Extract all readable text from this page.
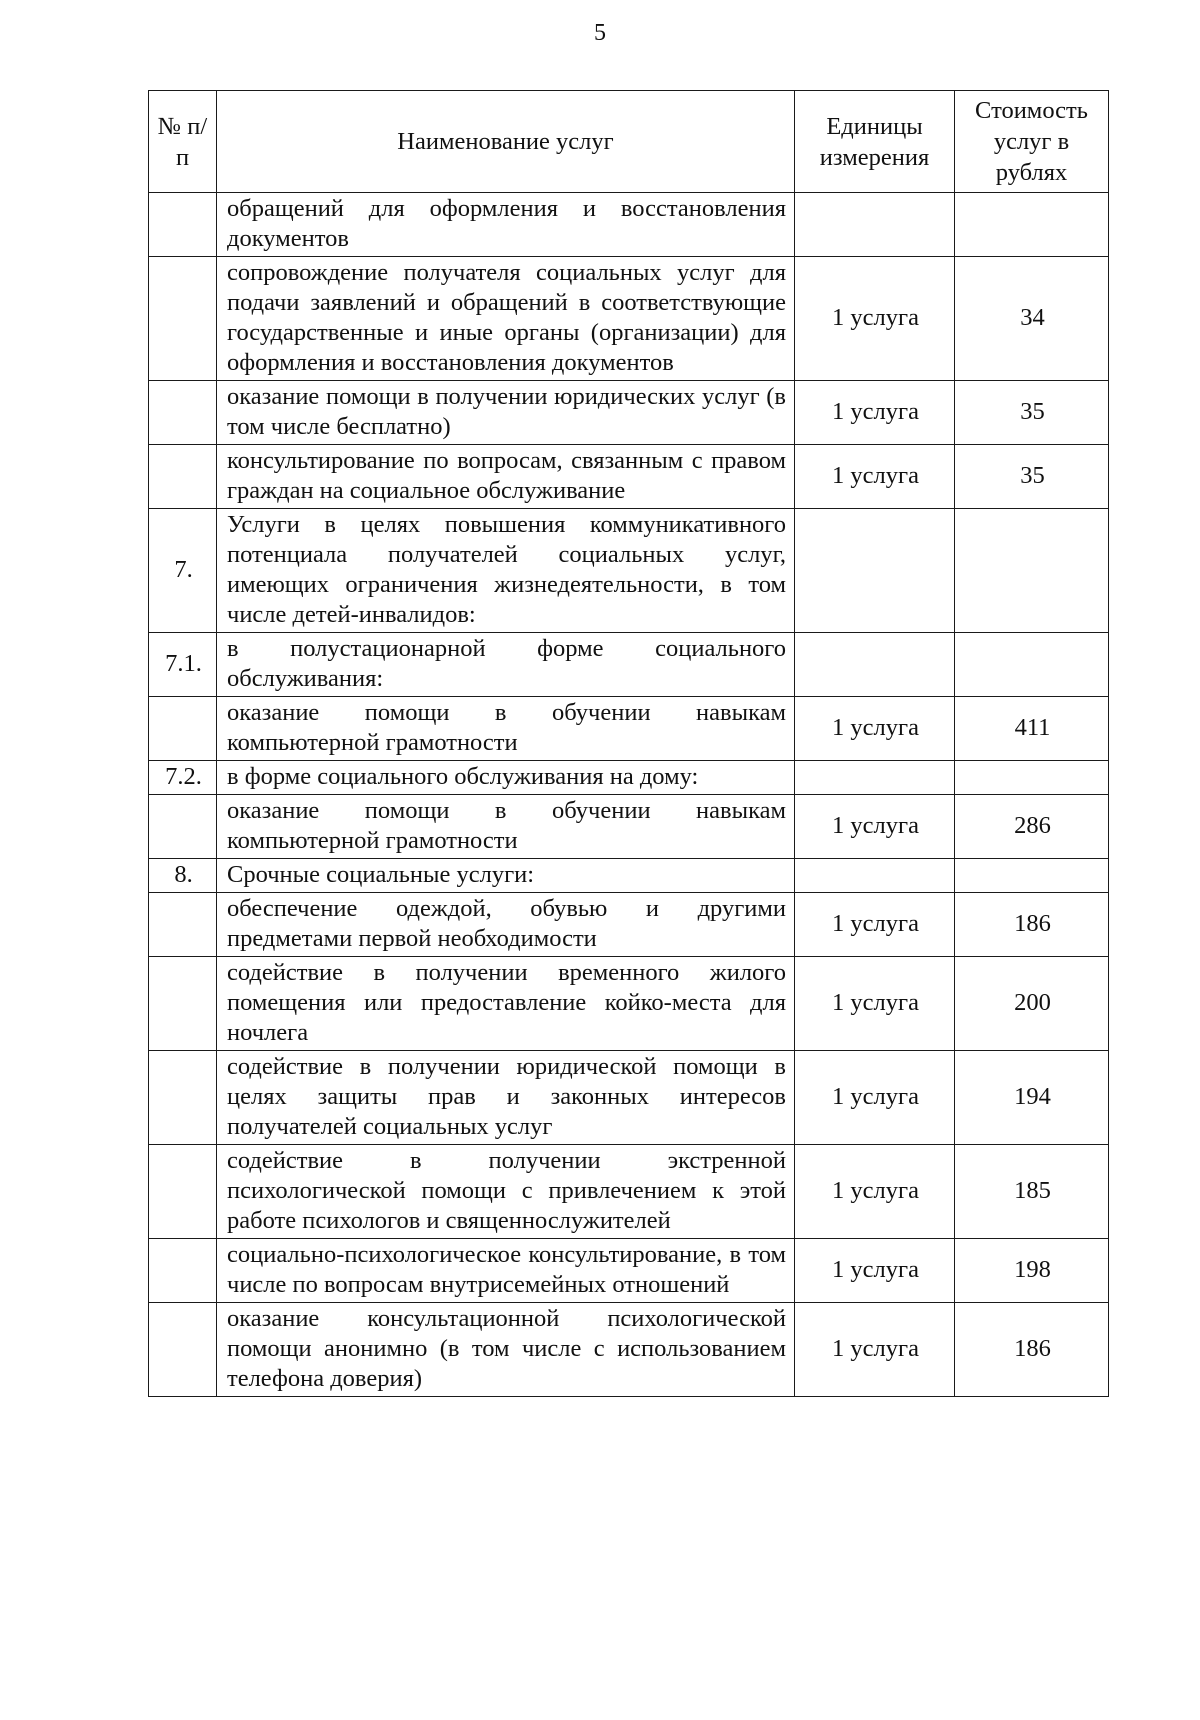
5
№ п/п	Наименование услуг	Единицы измерения	Стоимость услуг в рублях
	обращений для оформления и восстановления документов		
	сопровождение получателя социальных услуг для подачи заявлений и обращений в соответствующие государственные и иные органы (организации) для оформления и восстановления документов	1 услуга	34
	оказание помощи в получении юридических услуг (в том числе бесплатно)	1 услуга	35
	консультирование по вопросам, связанным с правом граждан на социальное обслуживание	1 услуга	35
7.	Услуги в целях повышения коммуникативного потенциала получателей социальных услуг, имеющих ограничения жизнедеятельности, в том числе детей-инвалидов:		
7.1.	в полустационарной форме социального обслуживания:		
	оказание помощи в обучении навыкам компьютерной грамотности	1 услуга	411
7.2.	в форме социального обслуживания на дому:		
	оказание помощи в обучении навыкам компьютерной грамотности	1 услуга	286
8.	Срочные социальные услуги:		
	обеспечение одеждой, обувью и другими предметами первой необходимости	1 услуга	186
	содействие в получении временного жилого помещения или предоставление койко-места для ночлега	1 услуга	200
	содействие в получении юридической помощи в целях защиты прав и законных интересов получателей социальных услуг	1 услуга	194
	содействие в получении экстренной психологической помощи с привлечением к этой работе психологов и священнослужителей	1 услуга	185
	социально-психологическое консультирование, в том числе по вопросам внутрисемейных отношений	1 услуга	198
	оказание консультационной психологической помощи анонимно (в том числе с использованием телефона доверия)	1 услуга	186
